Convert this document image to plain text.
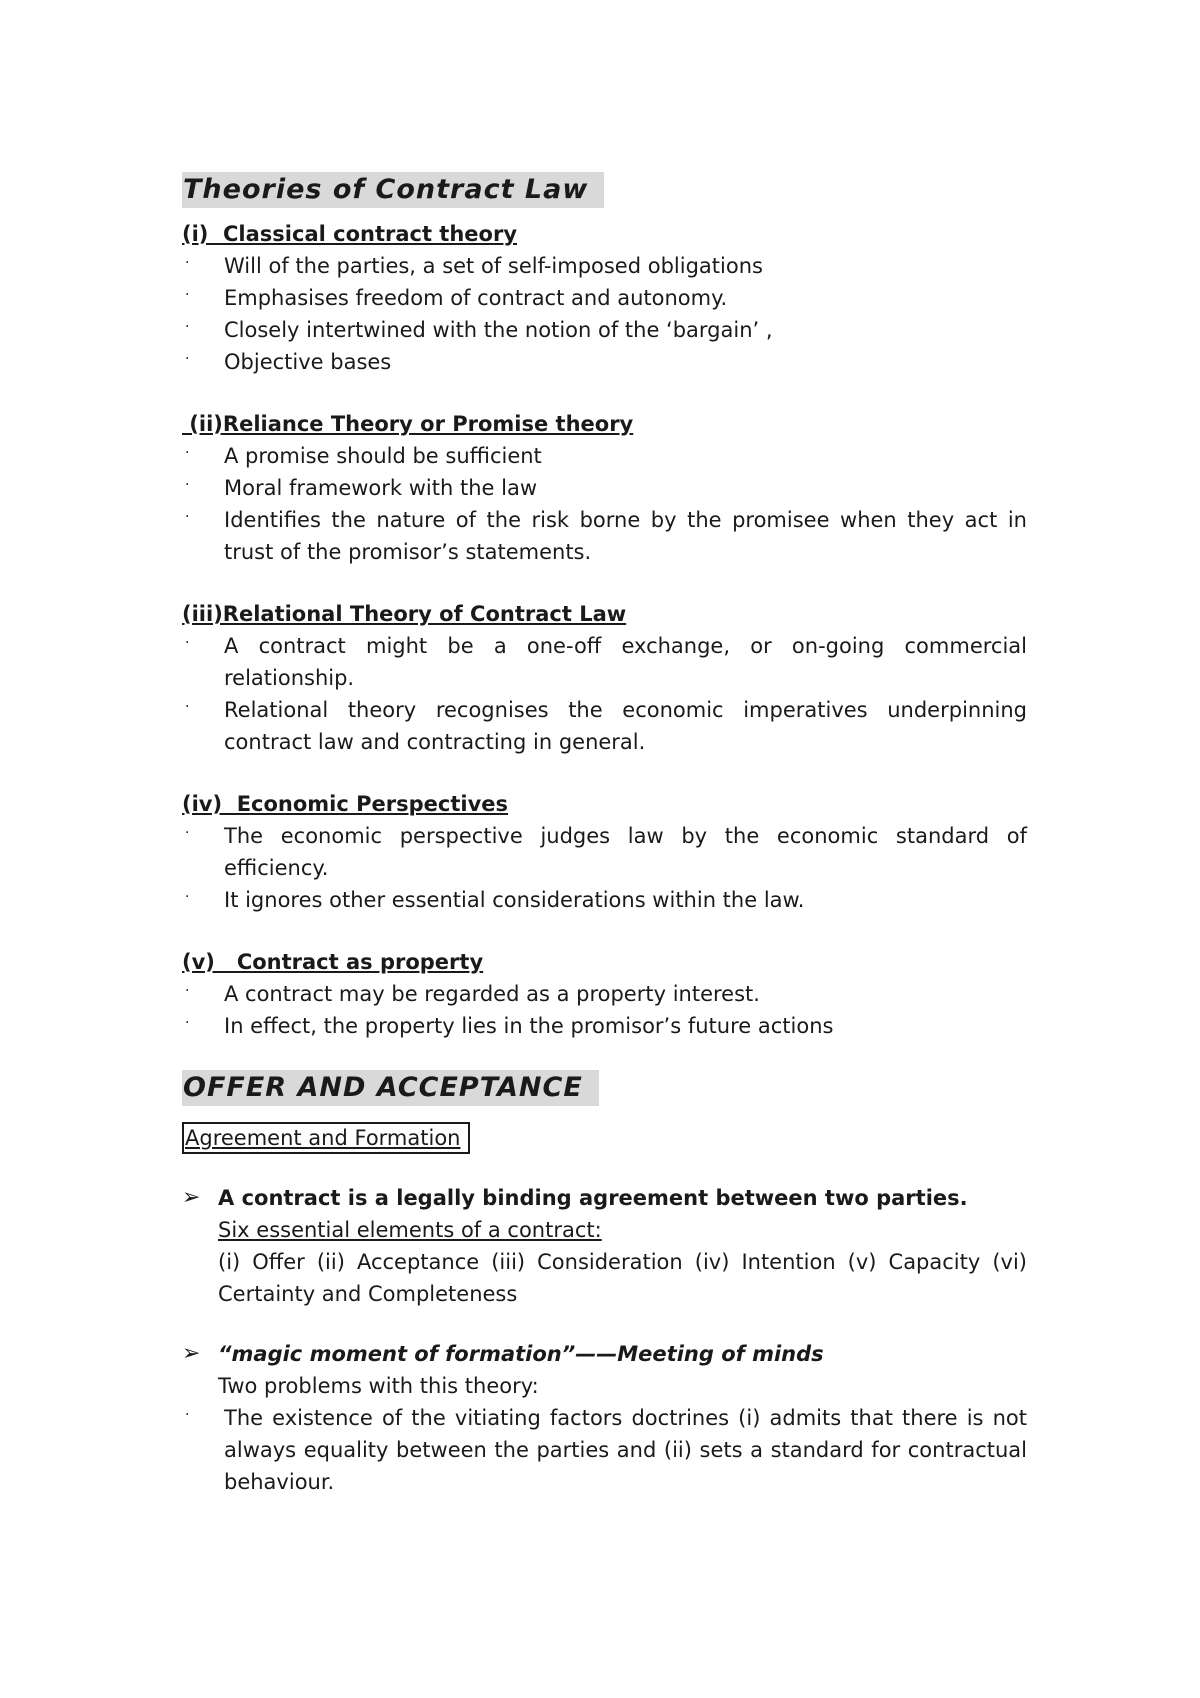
Theories of Contract Law
(i)  Classical contract theory
· Will of the parties, a set of self-imposed obligations
· Emphasises freedom of contract and autonomy.
· Closely intertwined with the notion of the ‘bargain’ ,
· Objective bases
(ii)Reliance Theory or Promise theory
· A promise should be sufficient
· Moral framework with the law
· Identifies the nature of the risk borne by the promisee when they act in trust of the promisor’s statements.
(iii)Relational Theory of Contract Law
· A contract might be a one-off exchange, or on-going commercial relationship.
· Relational theory recognises the economic imperatives underpinning contract law and contracting in general.
(iv)  Economic Perspectives
· The economic perspective judges law by the economic standard of efficiency.
· It ignores other essential considerations within the law.
(v)   Contract as property
· A contract may be regarded as a property interest.
· In effect, the property lies in the promisor’s future actions
OFFER AND ACCEPTANCE
Agreement and Formation
➢ A contract is a legally binding agreement between two parties.
Six essential elements of a contract:
(i) Offer (ii) Acceptance (iii) Consideration (iv) Intention (v) Capacity (vi) Certainty and Completeness
➢ “magic moment of formation”——Meeting of minds
Two problems with this theory:
· The existence of the vitiating factors doctrines (i) admits that there is not always equality between the parties and (ii) sets a standard for contractual behaviour.
